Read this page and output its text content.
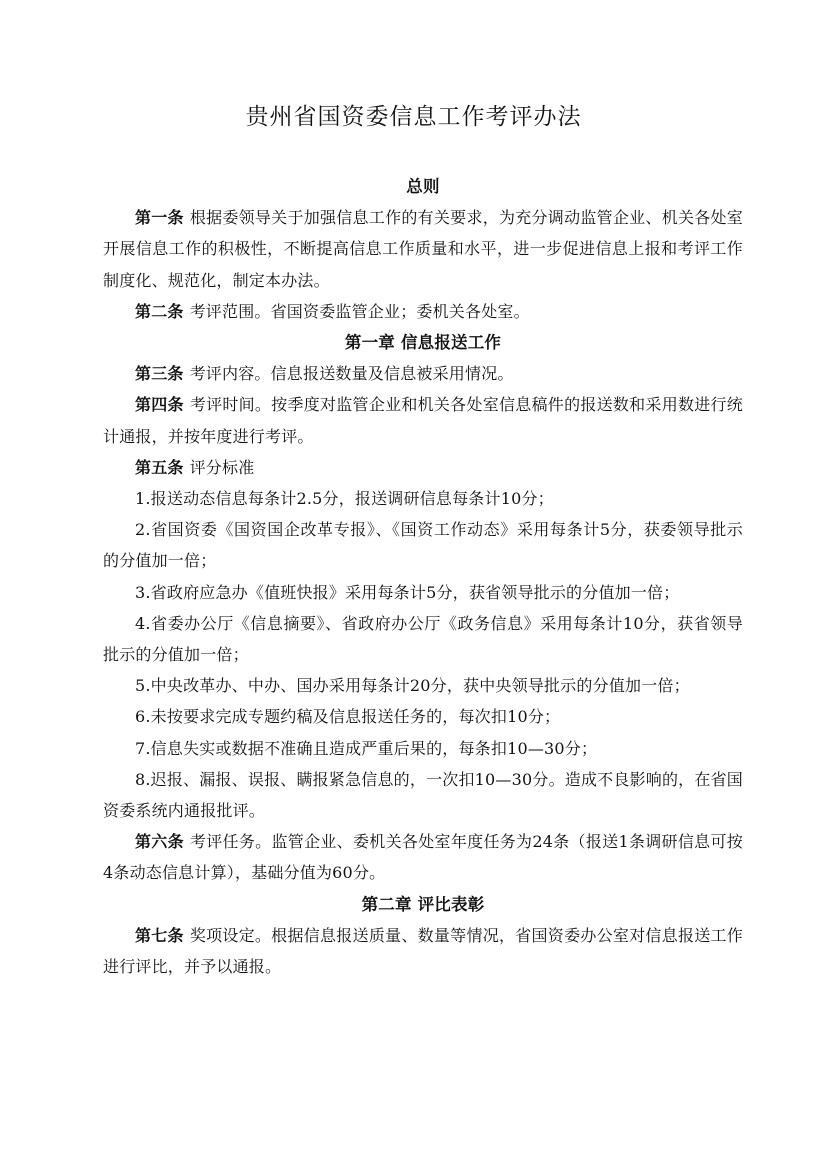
贵州省国资委信息工作考评办法

总则

第一条 根据委领导关于加强信息工作的有关要求，为充分调动监管企业、机关各处室开展信息工作的积极性，不断提高信息工作质量和水平，进一步促进信息上报和考评工作制度化、规范化，制定本办法。

第二条 考评范围。省国资委监管企业；委机关各处室。

第一章 信息报送工作

第三条 考评内容。信息报送数量及信息被采用情况。

第四条 考评时间。按季度对监管企业和机关各处室信息稿件的报送数和采用数进行统计通报，并按年度进行考评。

第五条 评分标准

1.报送动态信息每条计2.5分，报送调研信息每条计10分；

2.省国资委《国资国企改革专报》、《国资工作动态》采用每条计5分，获委领导批示的分值加一倍；

3.省政府应急办《值班快报》采用每条计5分，获省领导批示的分值加一倍；

4.省委办公厅《信息摘要》、省政府办公厅《政务信息》采用每条计10分，获省领导批示的分值加一倍；

5.中央改革办、中办、国办采用每条计20分，获中央领导批示的分值加一倍；

6.未按要求完成专题约稿及信息报送任务的，每次扣10分；

7.信息失实或数据不准确且造成严重后果的，每条扣10—30分；

8.迟报、漏报、误报、瞒报紧急信息的，一次扣10—30分。造成不良影响的，在省国资委系统内通报批评。

第六条 考评任务。监管企业、委机关各处室年度任务为24条（报送1条调研信息可按4条动态信息计算），基础分值为60分。

第二章 评比表彰

第七条 奖项设定。根据信息报送质量、数量等情况，省国资委办公室对信息报送工作进行评比，并予以通报。
